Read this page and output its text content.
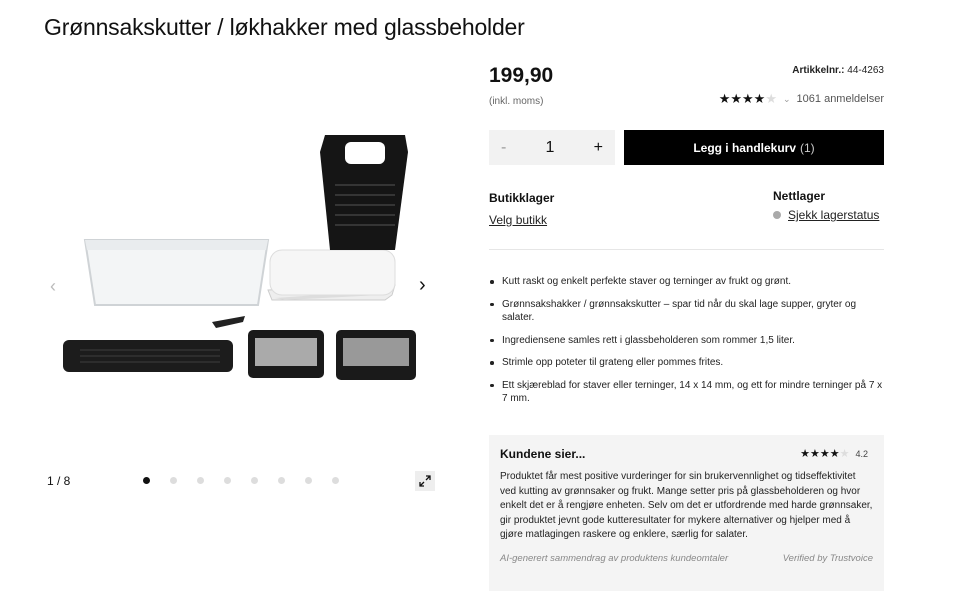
Grønnsakskutter / løkhakker med glassbeholder
‹	›
1 / 8
199,90
(inkl. moms)
Artikkelnr.: 44-4263
★★★★★ ⌄ 1061 anmeldelser
- 1 +	Legg i handlekurv (1)
Butikklager
Velg butikk
Nettlager
Sjekk lagerstatus
Kutt raskt og enkelt perfekte staver og terninger av frukt og grønt.
Grønnsakshakker / grønnsakskutter – spar tid når du skal lage supper, gryter og salater.
Ingrediensene samles rett i glassbeholderen som rommer 1,5 liter.
Strimle opp poteter til grateng eller pommes frites.
Ett skjæreblad for staver eller terninger, 14 x 14 mm, og ett for mindre terninger på 7 x 7 mm.
Kundene sier...	★★★★★ 4.2

Produktet får mest positive vurderinger for sin brukervennlighet og tidseffektivitet ved kutting av grønnsaker og frukt. Mange setter pris på glassbeholderen og hvor enkelt det er å rengjøre enheten. Selv om det er utfordrende med harde grønnsaker, gir produktet jevnt gode kutteresultater for mykere alternativer og hjelper med å gjøre matlagingen raskere og enklere, særlig for salater.

AI-generert sammendrag av produktens kundeomtaler	Verified by Trustvoice
